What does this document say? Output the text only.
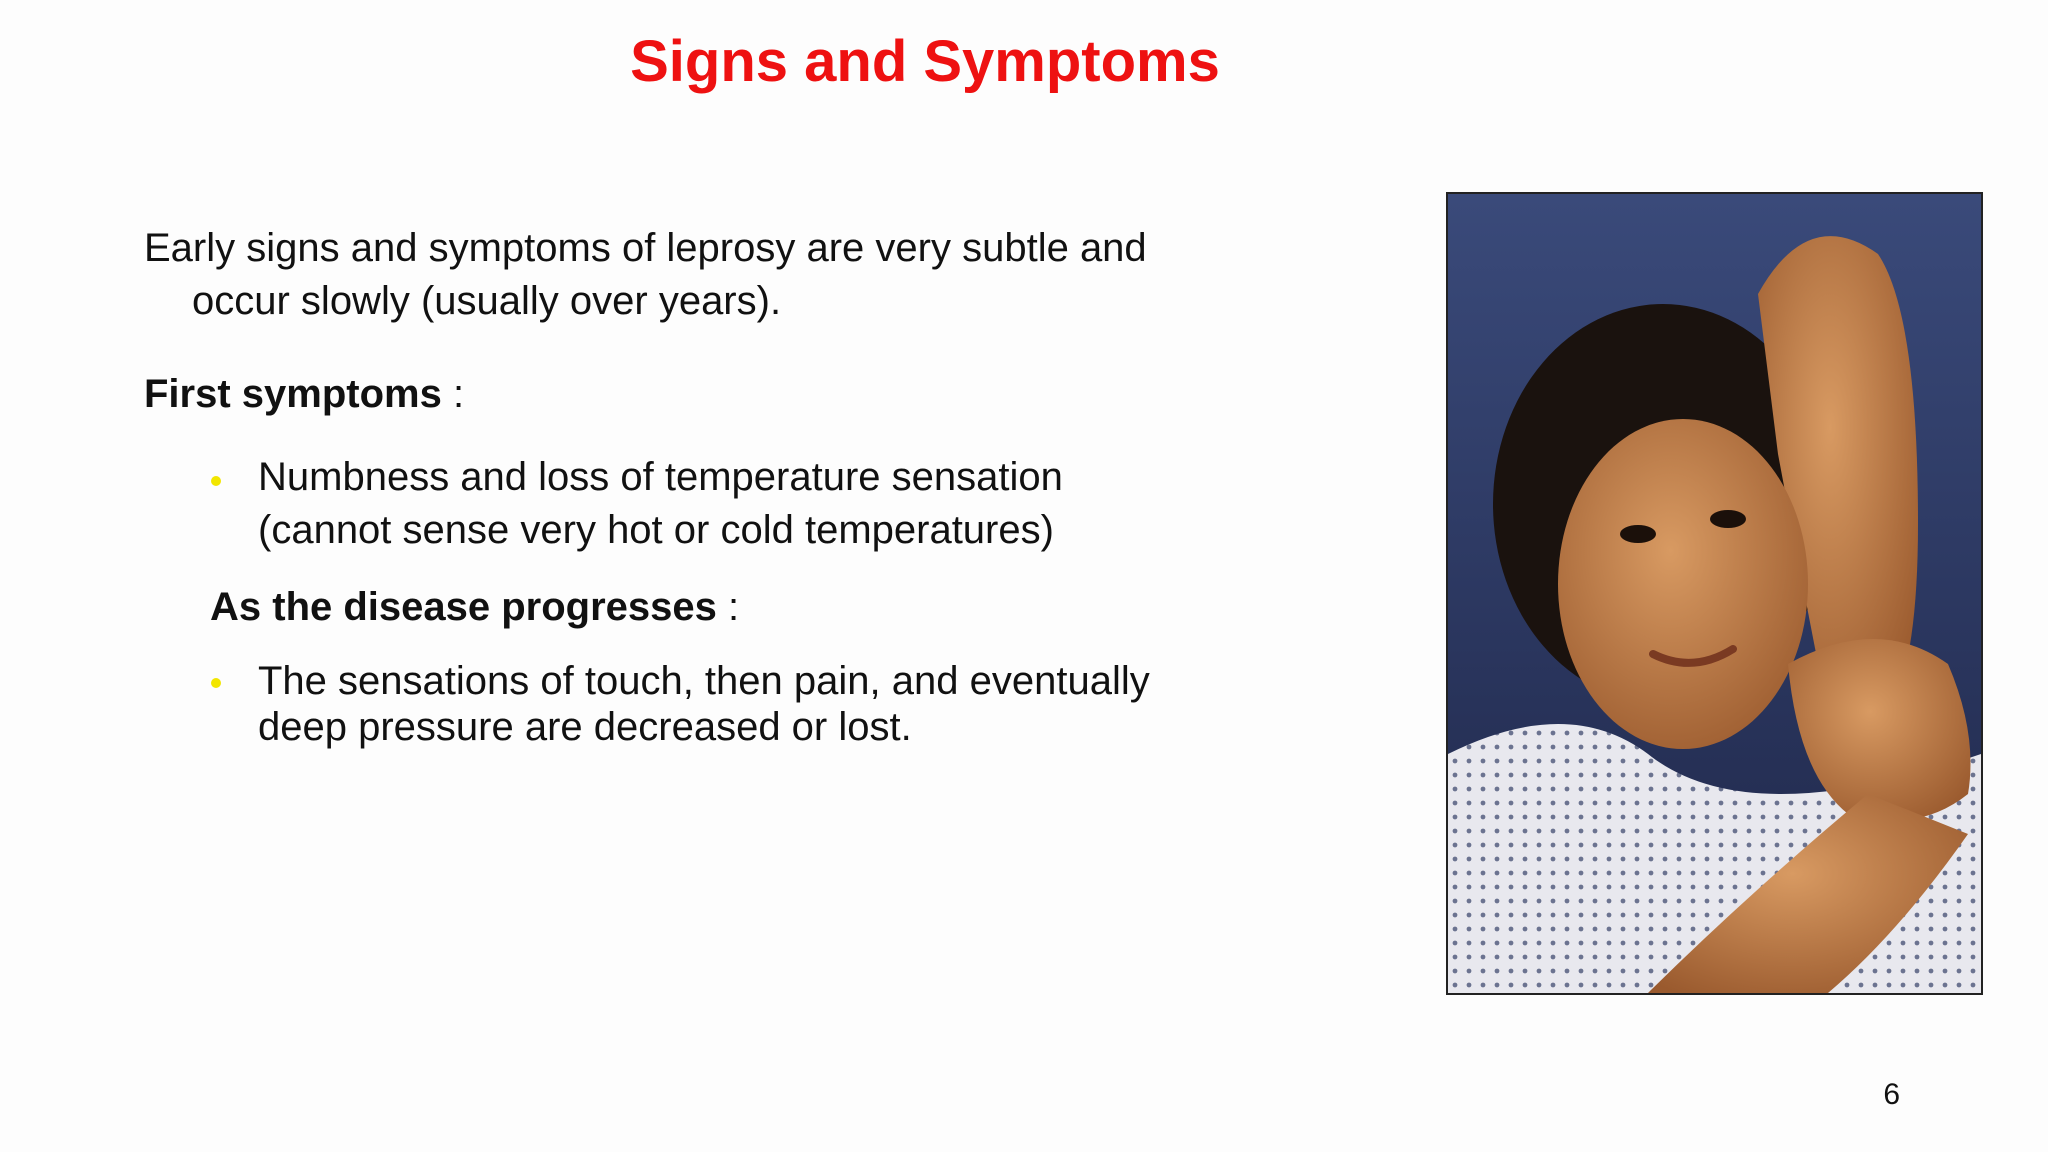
Signs and Symptoms

Early signs and symptoms of leprosy are very subtle and occur slowly (usually over years).

First symptoms :

Numbness and loss of temperature sensation (cannot sense very hot or cold temperatures)

As the disease progresses :

The sensations of touch, then pain, and eventually deep pressure are decreased or lost.

6
